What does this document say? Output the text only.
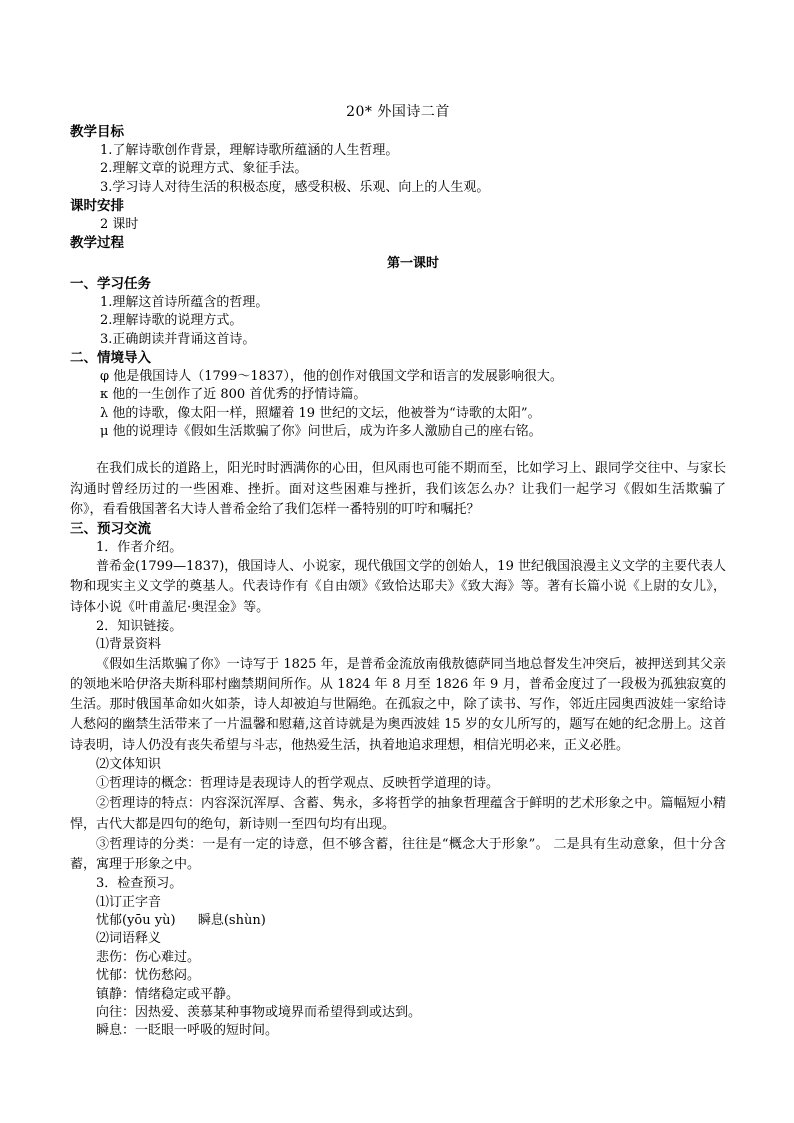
20* 外国诗二首
教学目标
1.了解诗歌创作背景，理解诗歌所蕴涵的人生哲理。
2.理解文章的说理方式、象征手法。
3.学习诗人对待生活的积极态度，感受积极、乐观、向上的人生观。
课时安排
2 课时
教学过程
第一课时
一、学习任务
1.理解这首诗所蕴含的哲理。
2.理解诗歌的说理方式。
3.正确朗读并背诵这首诗。
二、情境导入
φ 他是俄国诗人（1799～1837），他的创作对俄国文学和语言的发展影响很大。
κ 他的一生创作了近 800 首优秀的抒情诗篇。
λ 他的诗歌，像太阳一样，照耀着 19 世纪的文坛，他被誉为“诗歌的太阳”。
μ 他的说理诗《假如生活欺骗了你》问世后，成为许多人激励自己的座右铭。

在我们成长的道路上，阳光时时洒满你的心田，但风雨也可能不期而至，比如学习上、跟同学交往中、与家长沟通时曾经历过的一些困难、挫折。面对这些困难与挫折，我们该怎么办？让我们一起学习《假如生活欺骗了你》，看看俄国著名大诗人普希金给了我们怎样一番特别的叮咛和嘱托？

三、预习交流
1．作者介绍。

普希金(1799—1837)，俄国诗人、小说家，现代俄国文学的创始人，19 世纪俄国浪漫主义文学的主要代表人物和现实主义文学的奠基人。代表诗作有《自由颂》《致恰达耶夫》《致大海》等。著有长篇小说《上尉的女儿》，诗体小说《叶甫盖尼·奥涅金》等。

2．知识链接。
⑴背景资料

《假如生活欺骗了你》一诗写于 1825 年，是普希金流放南俄敖德萨同当地总督发生冲突后，被押送到其父亲的领地米哈伊洛夫斯科耶村幽禁期间所作。从 1824 年 8 月至 1826 年 9 月，普希金度过了一段极为孤独寂寞的生活。那时俄国革命如火如荼，诗人却被迫与世隔绝。在孤寂之中，除了读书、写作，邻近庄园奥西波娃一家给诗人愁闷的幽禁生活带来了一片温馨和慰藉,这首诗就是为奥西波娃 15 岁的女儿所写的，题写在她的纪念册上。这首诗表明，诗人仍没有丧失希望与斗志，他热爱生活，执着地追求理想，相信光明必来，正义必胜。

⑵文体知识

①哲理诗的概念：哲理诗是表现诗人的哲学观点、反映哲学道理的诗。

②哲理诗的特点：内容深沉浑厚、含蓄、隽永，多将哲学的抽象哲理蕴含于鲜明的艺术形象之中。篇幅短小精悍，古代大都是四句的绝句，新诗则一至四句均有出现。

③哲理诗的分类：一是有一定的诗意，但不够含蓄，往往是“概念大于形象”。 二是具有生动意象，但十分含蓄，寓理于形象之中。

3．检查预习。
⑴订正字音
忧郁(yōu yù) 瞬息(shùn)
⑵词语释义
悲伤：伤心难过。
忧郁：忧伤愁闷。
镇静：情绪稳定或平静。
向往：因热爱、羡慕某种事物或境界而希望得到或达到。
瞬息：一眨眼一呼吸的短时间。
